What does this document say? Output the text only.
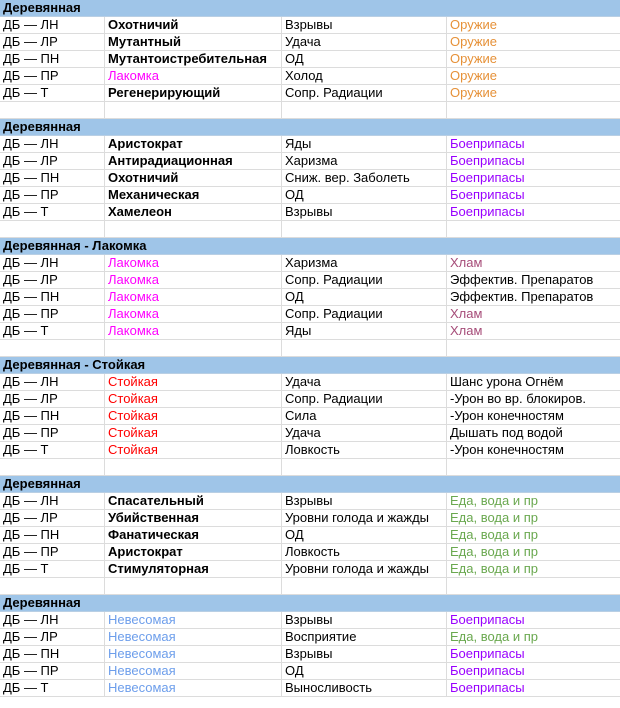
Деревянная
ДБ — ЛН	Охотничий	Взрывы	Оружие
ДБ — ЛР	Мутантный	Удача	Оружие
ДБ — ПН	Мутантоистребительная	ОД	Оружие
ДБ — ПР	Лакомка	Холод	Оружие
ДБ — Т	Регенерирующий	Сопр. Радиации	Оружие
Деревянная
ДБ — ЛН	Аристократ	Яды	Боеприпасы
ДБ — ЛР	Антирадиационная	Харизма	Боеприпасы
ДБ — ПН	Охотничий	Сниж. вер. Заболеть	Боеприпасы
ДБ — ПР	Механическая	ОД	Боеприпасы
ДБ — Т	Хамелеон	Взрывы	Боеприпасы
Деревянная - Лакомка
ДБ — ЛН	Лакомка	Харизма	Хлам
ДБ — ЛР	Лакомка	Сопр. Радиации	Эффектив. Препаратов
ДБ — ПН	Лакомка	ОД	Эффектив. Препаратов
ДБ — ПР	Лакомка	Сопр. Радиации	Хлам
ДБ — Т	Лакомка	Яды	Хлам
Деревянная - Стойкая
ДБ — ЛН	Стойкая	Удача	Шанс урона Огнём
ДБ — ЛР	Стойкая	Сопр. Радиации	-Урон во вр. блокиров.
ДБ — ПН	Стойкая	Сила	-Урон конечностям
ДБ — ПР	Стойкая	Удача	Дышать под водой
ДБ — Т	Стойкая	Ловкость	-Урон конечностям
Деревянная
ДБ — ЛН	Спасательный	Взрывы	Еда, вода и пр
ДБ — ЛР	Убийственная	Уровни голода и жажды	Еда, вода и пр
ДБ — ПН	Фанатическая	ОД	Еда, вода и пр
ДБ — ПР	Аристократ	Ловкость	Еда, вода и пр
ДБ — Т	Стимуляторная	Уровни голода и жажды	Еда, вода и пр
Деревянная
ДБ — ЛН	Невесомая	Взрывы	Боеприпасы
ДБ — ЛР	Невесомая	Восприятие	Еда, вода и пр
ДБ — ПН	Невесомая	Взрывы	Боеприпасы
ДБ — ПР	Невесомая	ОД	Боеприпасы
ДБ — Т	Невесомая	Выносливость	Боеприпасы
